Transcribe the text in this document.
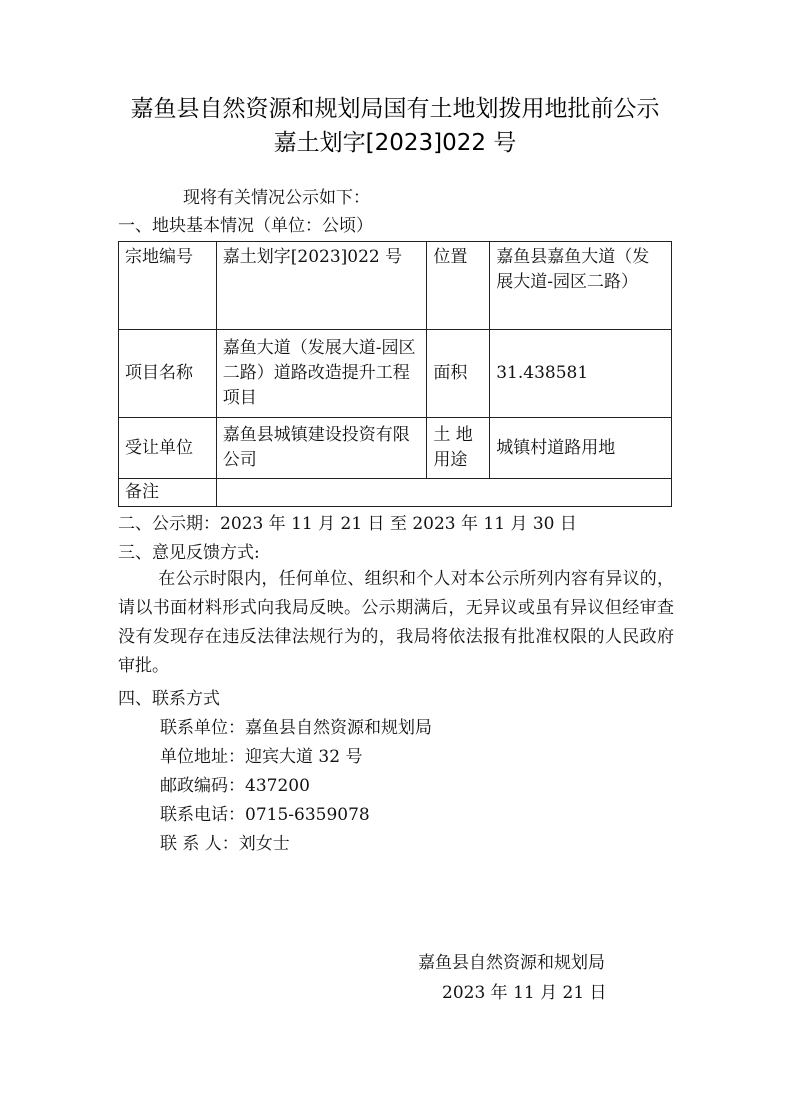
嘉鱼县自然资源和规划局国有土地划拨用地批前公示
嘉土划字[2023]022 号
现将有关情况公示如下：
一、地块基本情况（单位：公顷）
宗地编号	嘉土划字[2023]022 号	位置	嘉鱼县嘉鱼大道（发展大道-园区二路）
项目名称	嘉鱼大道（发展大道-园区二路）道路改造提升工程项目	面积	31.438581
受让单位	嘉鱼县城镇建设投资有限公司	土 地 用途	城镇村道路用地
备注			
二、公示期：2023 年 11 月 21 日 至 2023 年 11 月 30 日
三、意见反馈方式:
在公示时限内，任何单位、组织和个人对本公示所列内容有异议的，请以书面材料形式向我局反映。公示期满后，无异议或虽有异议但经审查没有发现存在违反法律法规行为的，我局将依法报有批准权限的人民政府审批。
四、联系方式
联系单位：嘉鱼县自然资源和规划局
单位地址：迎宾大道 32 号
邮政编码：437200
联系电话：0715-6359078
联 系 人：刘女士
嘉鱼县自然资源和规划局
2023 年 11 月 21 日
